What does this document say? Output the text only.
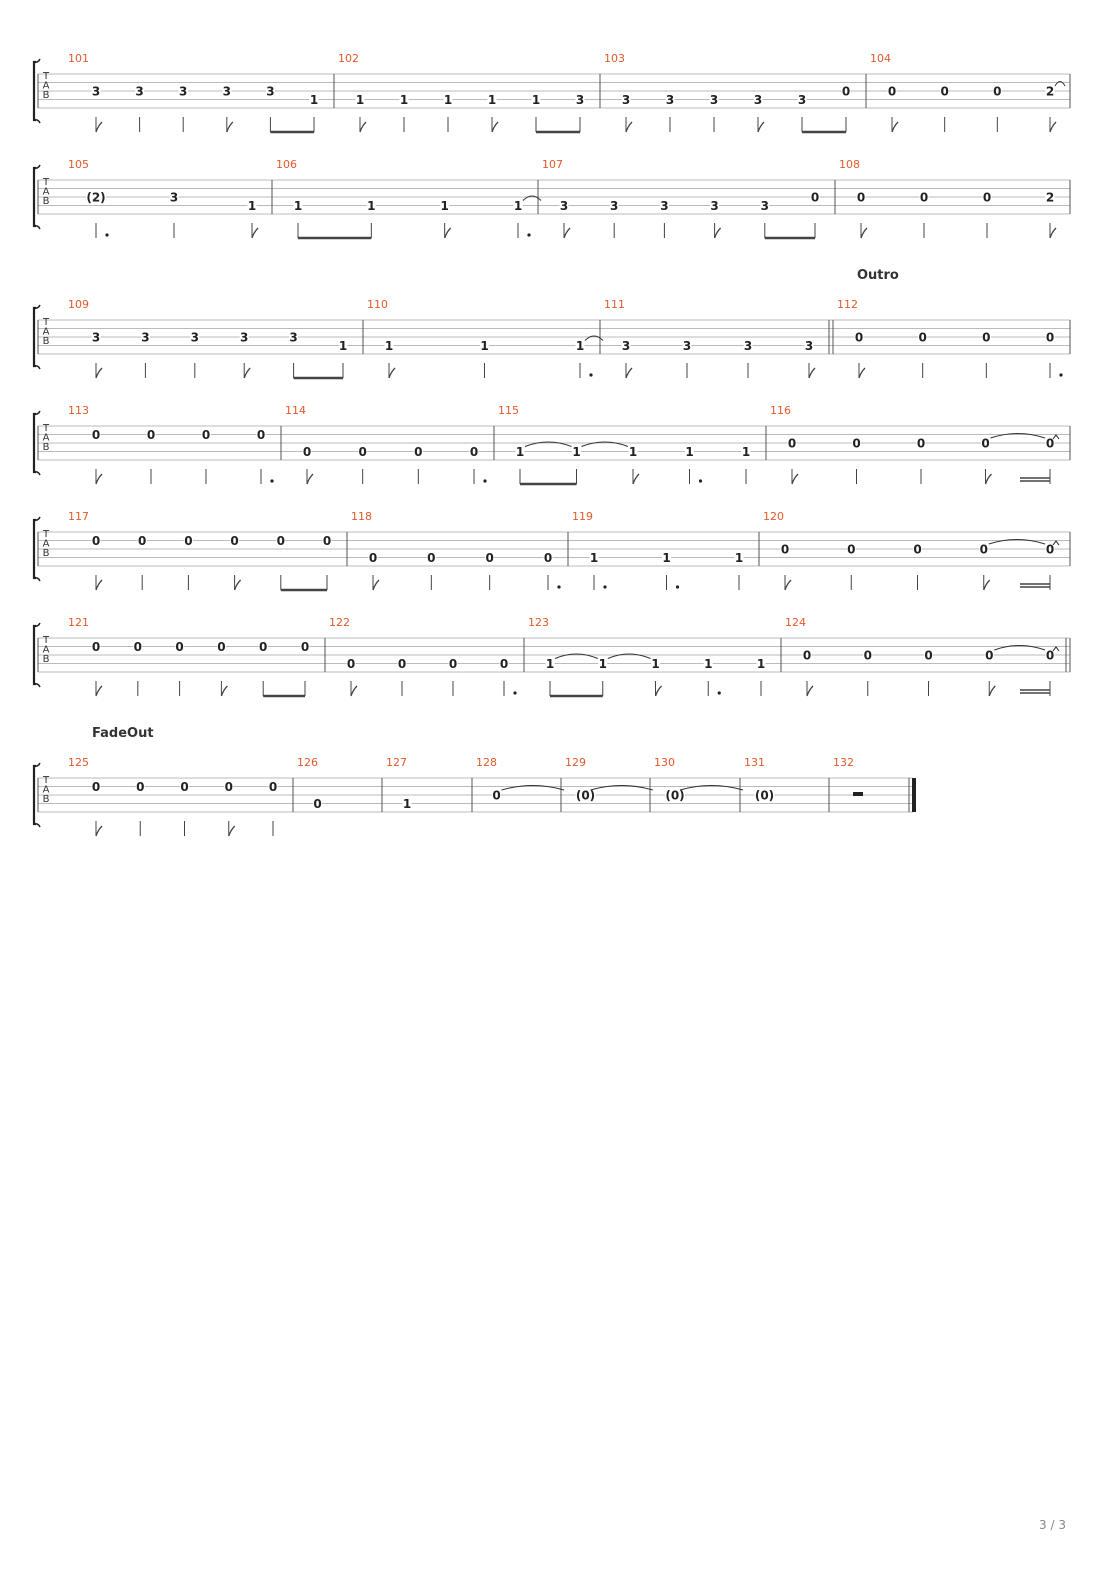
T
A
B
101
3	3	3	3	3
1
102
1	1	1	1	1	3
103
3	3	3	3	3
0
104
0	0	0	2
T
A
B
105
(2)	3
1
106
1	1	1	1
107
3	3	3	3	3
0
108
0	0	0	2
T
A
B
109
3	3	3	3	3
1
110
1	1	1
111
3	3	3	3
112
0	0	0	0
Outro
T
A
B
113
0	0	0	0
114
0	0	0	0
115
1	1	1	1	1
116
0	0	0	0	0
T
A
B
117
0	0	0	0	0	0
118
0	0	0	0
119
1	1	1
120
0	0	0	0	0
T
A
B
121
0	0	0	0	0	0
122
0	0	0	0
123
1	1	1	1	1
124
0	0	0	0	0
T
A
B
125
0	0	0	0	0
FadeOut
126
0
127
1
128
0
129
(0)
130
(0)
131
(0)
132
3 / 3
